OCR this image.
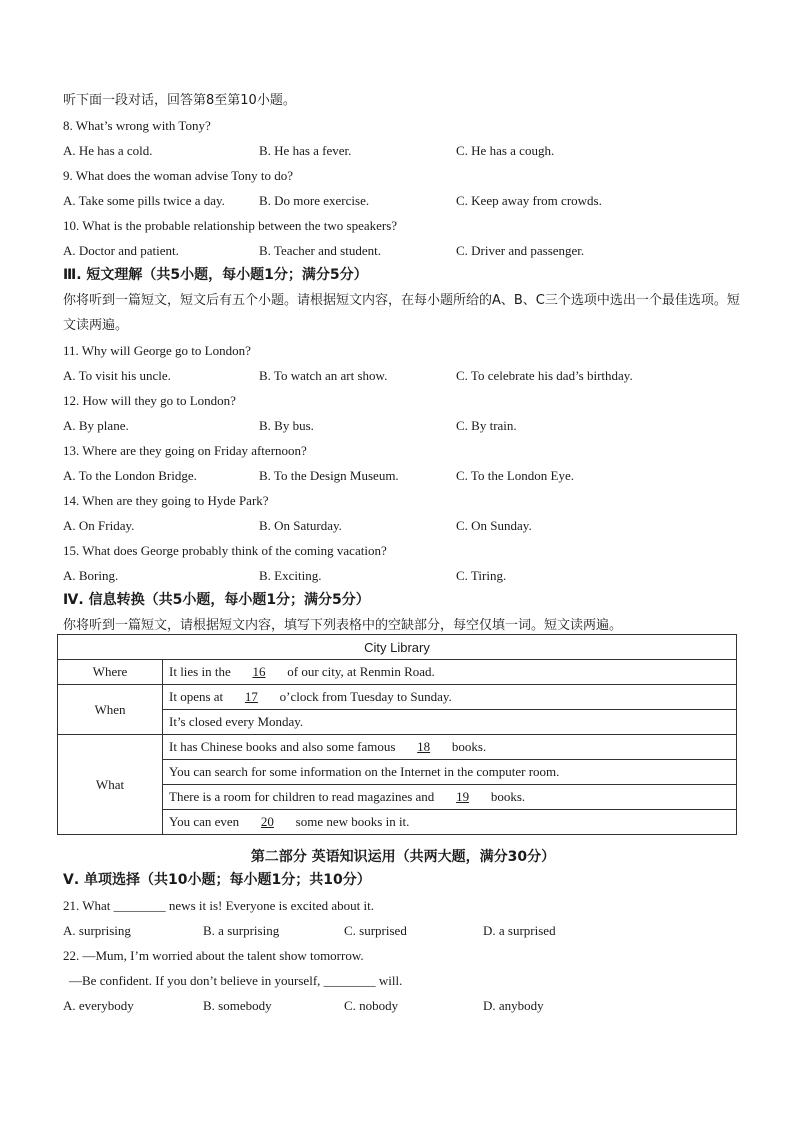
听下面一段对话，回答第8至第10小题。
8. What’s wrong with Tony?
A. He has a cold.	B. He has a fever.	C. He has a cough.
9. What does the woman advise Tony to do?
A. Take some pills twice a day.	B. Do more exercise.	C. Keep away from crowds.
10. What is the probable relationship between the two speakers?
A. Doctor and patient.	B. Teacher and student.	C. Driver and passenger.
Ⅲ. 短文理解（共5小题，每小题1分；满分5分）
你将听到一篇短文，短文后有五个小题。请根据短文内容，在每小题所给的A、B、C三个选项中选出一个最佳选项。短文读两遍。
11. Why will George go to London?
A. To visit his uncle.	B. To watch an art show.	C. To celebrate his dad’s birthday.
12. How will they go to London?
A. By plane.	B. By bus.	C. By train.
13. Where are they going on Friday afternoon?
A. To the London Bridge.	B. To the Design Museum.	C. To the London Eye.
14. When are they going to Hyde Park?
A. On Friday.	B. On Saturday.	C. On Sunday.
15. What does George probably think of the coming vacation?
A. Boring.	B. Exciting.	C. Tiring.
Ⅳ. 信息转换（共5小题，每小题1分；满分5分）
你将听到一篇短文，请根据短文内容，填写下列表格中的空缺部分，每空仅填一词。短文读两遍。
City Library	
Where	It lies in the 16 of our city, at Renmin Road.
When	It opens at 17 o’clock from Tuesday to Sunday.
	It’s closed every Monday.
What	It has Chinese books and also some famous 18 books.
	You can search for some information on the Internet in the computer room.
	There is a room for children to read magazines and 19 books.
	You can even 20 some new books in it.
第二部分 英语知识运用（共两大题，满分30分）
Ⅴ. 单项选择（共10小题；每小题1分；共10分）
21. What ________ news it is! Everyone is excited about it.
A. surprising	B. a surprising	C. surprised	D. a surprised
22. —Mum, I’m worried about the talent show tomorrow.
—Be confident. If you don’t believe in yourself, ________ will.
A. everybody	B. somebody	C. nobody	D. anybody
